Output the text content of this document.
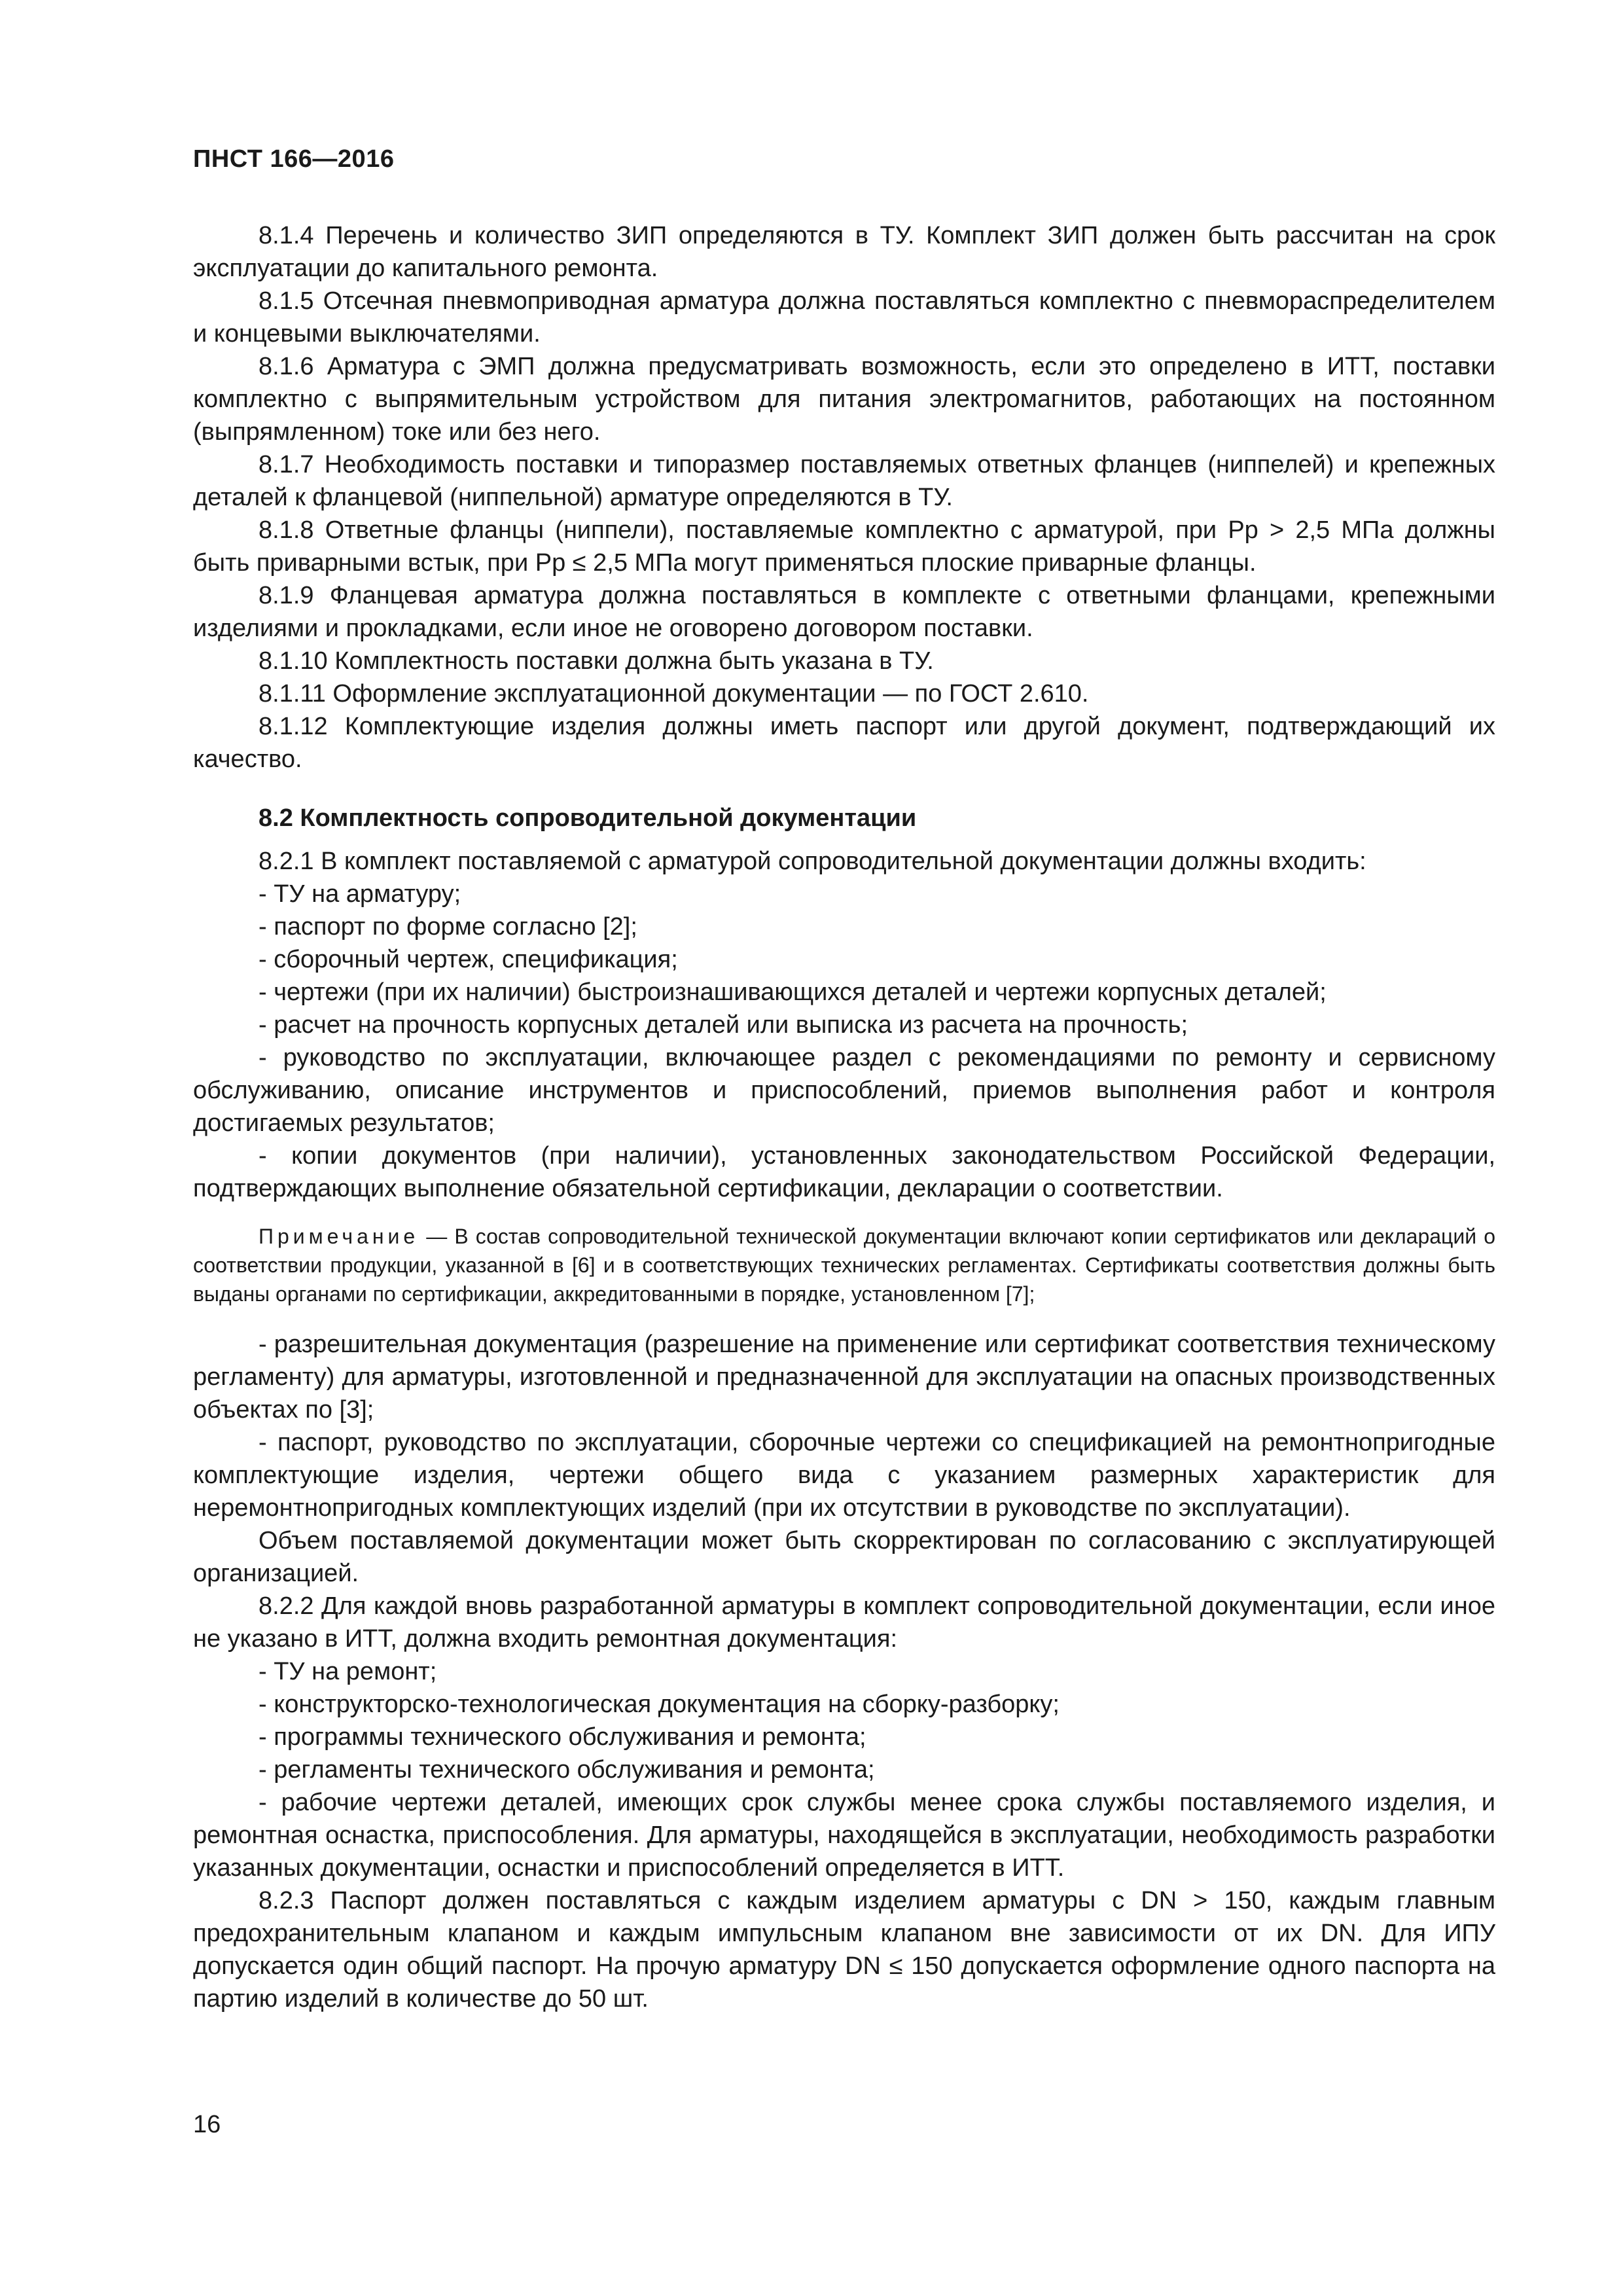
ПНСТ 166—2016

8.1.4 Перечень и количество ЗИП определяются в ТУ. Комплект ЗИП должен быть рассчитан на срок эксплуатации до капитального ремонта.

8.1.5 Отсечная пневмоприводная арматура должна поставляться комплектно с пневмораспределителем и концевыми выключателями.

8.1.6 Арматура с ЭМП должна предусматривать возможность, если это определено в ИТТ, поставки комплектно с выпрямительным устройством для питания электромагнитов, работающих на постоянном (выпрямленном) токе или без него.

8.1.7 Необходимость поставки и типоразмер поставляемых ответных фланцев (ниппелей) и крепежных деталей к фланцевой (ниппельной) арматуре определяются в ТУ.

8.1.8 Ответные фланцы (ниппели), поставляемые комплектно с арматурой, при Рр > 2,5 МПа должны быть приварными встык, при Рр ≤ 2,5 МПа могут применяться плоские приварные фланцы.

8.1.9 Фланцевая арматура должна поставляться в комплекте с ответными фланцами, крепежными изделиями и прокладками, если иное не оговорено договором поставки.

8.1.10 Комплектность поставки должна быть указана в ТУ.

8.1.11 Оформление эксплуатационной документации — по ГОСТ 2.610.

8.1.12 Комплектующие изделия должны иметь паспорт или другой документ, подтверждающий их качество.

8.2 Комплектность сопроводительной документации

8.2.1 В комплект поставляемой с арматурой сопроводительной документации должны входить:

- ТУ на арматуру;

- паспорт по форме согласно [2];

- сборочный чертеж, спецификация;

- чертежи (при их наличии) быстроизнашивающихся деталей и чертежи корпусных деталей;

- расчет на прочность корпусных деталей или выписка из расчета на прочность;

- руководство по эксплуатации, включающее раздел с рекомендациями по ремонту и сервисному обслуживанию, описание инструментов и приспособлений, приемов выполнения работ и контроля достигаемых результатов;

- копии документов (при наличии), установленных законодательством Российской Федерации, подтверждающих выполнение обязательной сертификации, декларации о соответствии.

Примечание — В состав сопроводительной технической документации включают копии сертификатов или деклараций о соответствии продукции, указанной в [6] и в соответствующих технических регламентах. Сертификаты соответствия должны быть выданы органами по сертификации, аккредитованными в порядке, установленном [7];

- разрешительная документация (разрешение на применение или сертификат соответствия техническому регламенту) для арматуры, изготовленной и предназначенной для эксплуатации на опасных производственных объектах по [3];

- паспорт, руководство по эксплуатации, сборочные чертежи со спецификацией на ремонтнопригодные комплектующие изделия, чертежи общего вида с указанием размерных характеристик для неремонтнопригодных комплектующих изделий (при их отсутствии в руководстве по эксплуатации).

Объем поставляемой документации может быть скорректирован по согласованию с эксплуатирующей организацией.

8.2.2 Для каждой вновь разработанной арматуры в комплект сопроводительной документации, если иное не указано в ИТТ, должна входить ремонтная документация:

- ТУ на ремонт;

- конструкторско-технологическая документация на сборку-разборку;

- программы технического обслуживания и ремонта;

- регламенты технического обслуживания и ремонта;

- рабочие чертежи деталей, имеющих срок службы менее срока службы поставляемого изделия, и ремонтная оснастка, приспособления. Для арматуры, находящейся в эксплуатации, необходимость разработки указанных документации, оснастки и приспособлений определяется в ИТТ.

8.2.3 Паспорт должен поставляться с каждым изделием арматуры с DN > 150, каждым главным предохранительным клапаном и каждым импульсным клапаном вне зависимости от их DN. Для ИПУ допускается один общий паспорт. На прочую арматуру DN ≤ 150 допускается оформление одного паспорта на партию изделий в количестве до 50 шт.

16
